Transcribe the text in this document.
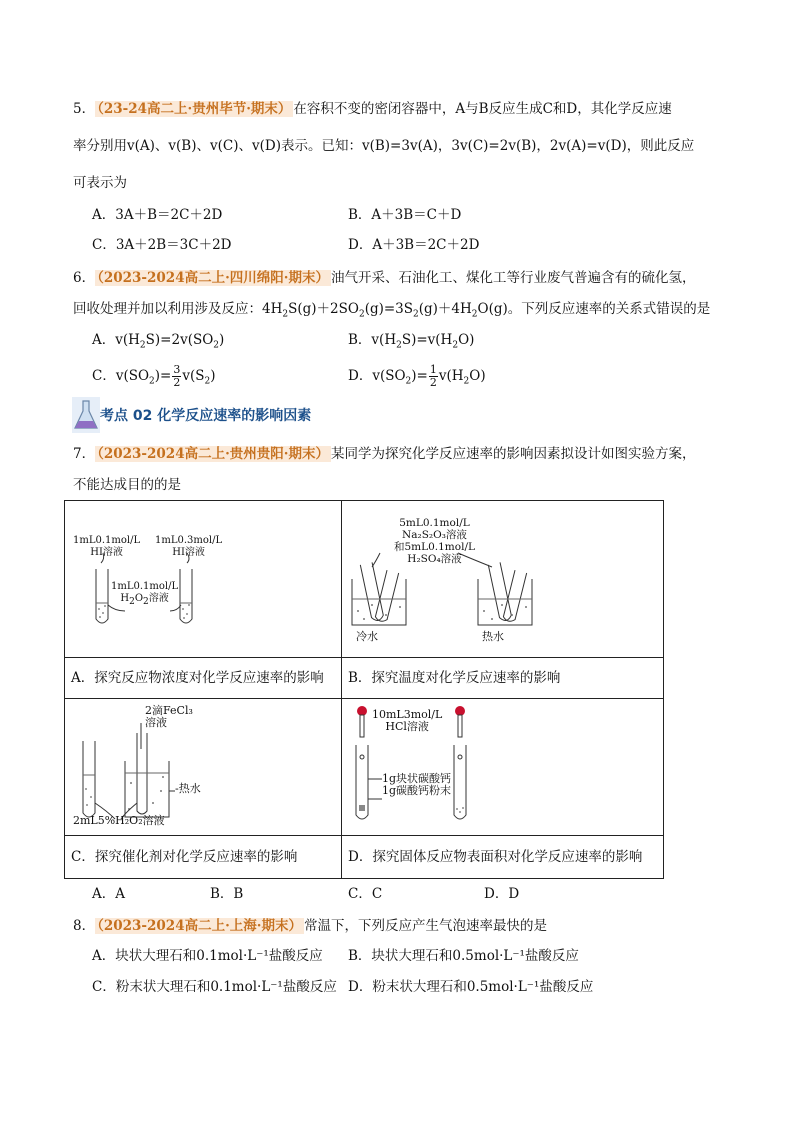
5． （23-24高二上·贵州毕节·期末） 在容积不变的密闭容器中，A与B反应生成C和D，其化学反应速
率分别用v(A)、v(B)、v(C)、v(D)表示。已知：v(B)=3v(A)，3v(C)=2v(B)，2v(A)=v(D)，则此反应
可表示为
A．3A＋B＝2C＋2D	B．A＋3B＝C＋D
C．3A＋2B＝3C＋2D	D．A＋3B＝2C＋2D
6． （2023-2024高二上·四川绵阳·期末） 油气开采、石油化工、煤化工等行业废气普遍含有的硫化氢，
回收处理并加以利用涉及反应：$4H_2S(g)+2SO_2(g)=3S_2(g)+4H_2O(g)$。下列反应速率的关系式错误的是
A．$v(H_2S)=2v(SO_2)$	B．$v(H_2S)=v(H_2O)$
C．$v(SO_2)= \frac{3}{2} v(S_2)$	D．$v(SO_2)= \frac{1}{2} v(H_2O)$
考点 02 化学反应速率的影响因素
7． （2023-2024高二上·贵州贵阳·期末） 某同学为探究化学反应速率的影响因素拟设计如图实验方案，
不能达成目的的是
1mL0.1mol/L
HI溶液
1mL0.3mol/L
HI溶液
1mL0.1mol/L
$H_2O_2$溶液
5mL0.1mol/L
Na₂S₂O₃溶液
和5mL0.1mol/L
H₂SO₄溶液
冷水	热水
A．探究反应物浓度对化学反应速率的影响	B．探究温度对化学反应速率的影响
2滴FeCl₃
溶液
-热水
2mL5%H₂O₂溶液
10mL3mol/L
HCl溶液
1g块状碳酸钙
1g碳酸钙粉末
C．探究催化剂对化学反应速率的影响	D．探究固体反应物表面积对化学反应速率的影响
A．A	B．B	C．C	D．D
8． （2023-2024高二上·上海·期末） 常温下，下列反应产生气泡速率最快的是
A．块状大理石和0.1mol·L⁻¹盐酸反应 B．块状大理石和0.5mol·L⁻¹盐酸反应
C．粉末状大理石和0.1mol·L⁻¹盐酸反应 D．粉末状大理石和0.5mol·L⁻¹盐酸反应
